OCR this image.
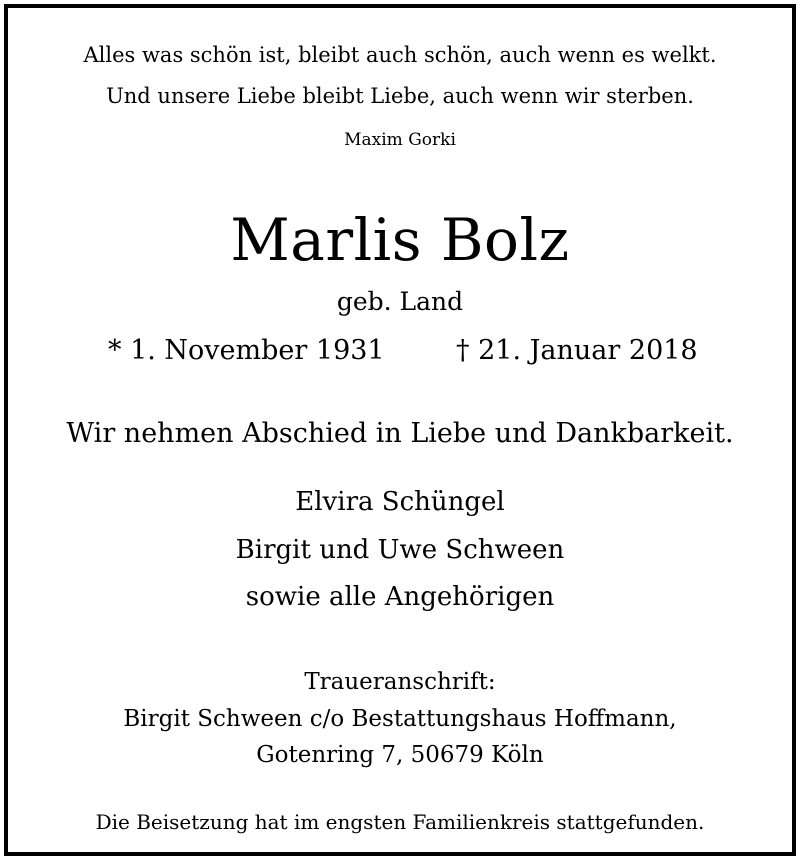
Alles was schön ist, bleibt auch schön, auch wenn es welkt.
Und unsere Liebe bleibt Liebe, auch wenn wir sterben.
Maxim Gorki
Marlis Bolz
geb. Land
* 1. November 1931	† 21. Januar 2018
Wir nehmen Abschied in Liebe und Dankbarkeit.
Elvira Schüngel
Birgit und Uwe Schween
sowie alle Angehörigen
Traueranschrift:
Birgit Schween c/o Bestattungshaus Hoffmann,
Gotenring 7, 50679 Köln
Die Beisetzung hat im engsten Familienkreis stattgefunden.
